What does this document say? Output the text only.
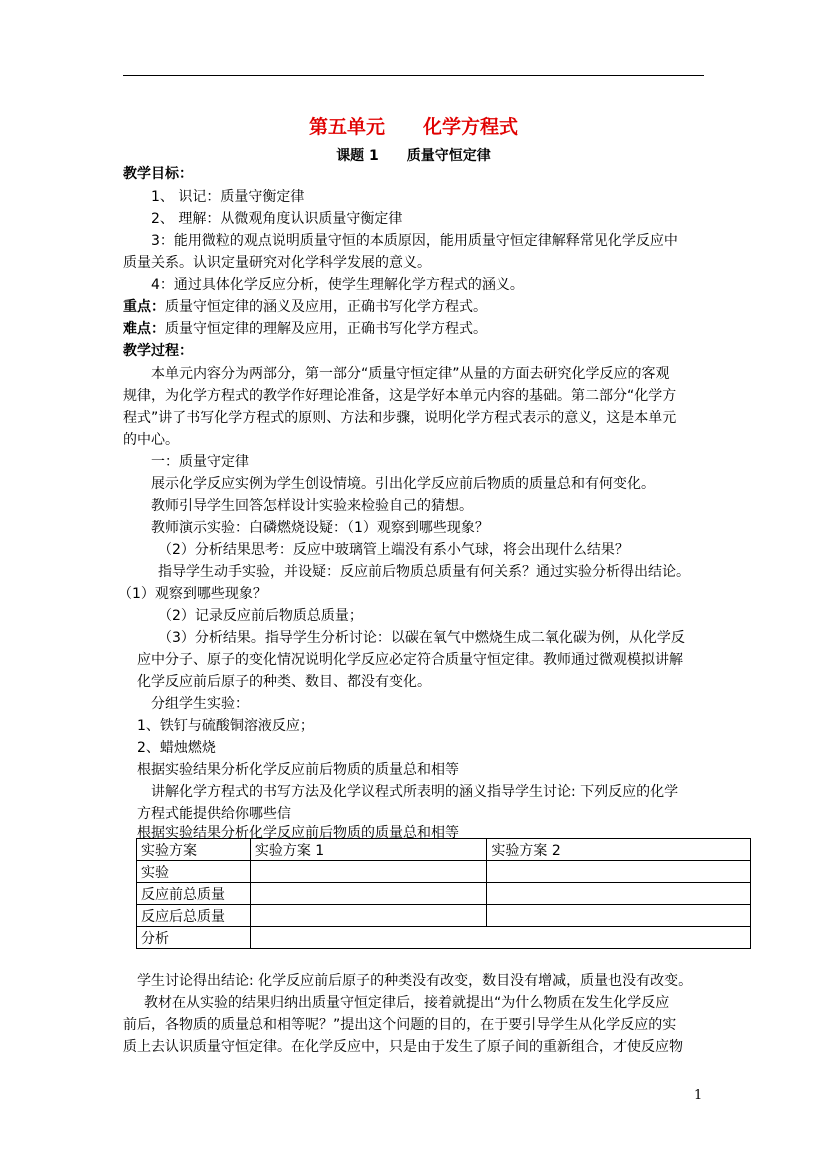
第五单元　　化学方程式
课题 1　　质量守恒定律
教学目标：
1、 识记：质量守衡定律
2、 理解：从微观角度认识质量守衡定律
3：能用微粒的观点说明质量守恒的本质原因，能用质量守恒定律解释常见化学反应中
质量关系。认识定量研究对化学科学发展的意义。
4：通过具体化学反应分析，使学生理解化学方程式的涵义。
重点：质量守恒定律的涵义及应用，正确书写化学方程式。
难点：质量守恒定律的理解及应用，正确书写化学方程式。
教学过程：
本单元内容分为两部分，第一部分“质量守恒定律”从量的方面去研究化学反应的客观
规律，为化学方程式的教学作好理论准备，这是学好本单元内容的基础。第二部分“化学方
程式”讲了书写化学方程式的原则、方法和步骤，说明化学方程式表示的意义，这是本单元
的中心。
一：质量守定律
展示化学反应实例为学生创设情境。引出化学反应前后物质的质量总和有何变化。
教师引导学生回答怎样设计实验来检验自己的猜想。
教师演示实验：白磷燃烧设疑：（1）观察到哪些现象？
（2）分析结果思考：反应中玻璃管上端没有系小气球，将会出现什么结果？
指导学生动手实验，并设疑：反应前后物质总质量有何关系？通过实验分析得出结论。
（1）观察到哪些现象？
（2）记录反应前后物质总质量；
（3）分析结果。指导学生分析讨论：以碳在氧气中燃烧生成二氧化碳为例，从化学反
应中分子、原子的变化情况说明化学反应必定符合质量守恒定律。教师通过微观模拟讲解
化学反应前后原子的种类、数目、都没有变化。
分组学生实验：
1、铁钉与硫酸铜溶液反应；
2、蜡烛燃烧
根据实验结果分析化学反应前后物质的质量总和相等
讲解化学方程式的书写方法及化学议程式所表明的涵义指导学生讨论: 下列反应的化学
方程式能提供给你哪些信
根据实验结果分析化学反应前后物质的质量总和相等
实验方案	实验方案 1	实验方案 2
实验		
反应前总质量		
反应后总质量		
分析		
学生讨论得出结论: 化学反应前后原子的种类没有改变，数目没有增减，质量也没有改变。
教材在从实验的结果归纳出质量守恒定律后，接着就提出“为什么物质在发生化学反应
前后，各物质的质量总和相等呢？”提出这个问题的目的，在于要引导学生从化学反应的实
质上去认识质量守恒定律。在化学反应中，只是由于发生了原子间的重新组合，才使反应物
1
